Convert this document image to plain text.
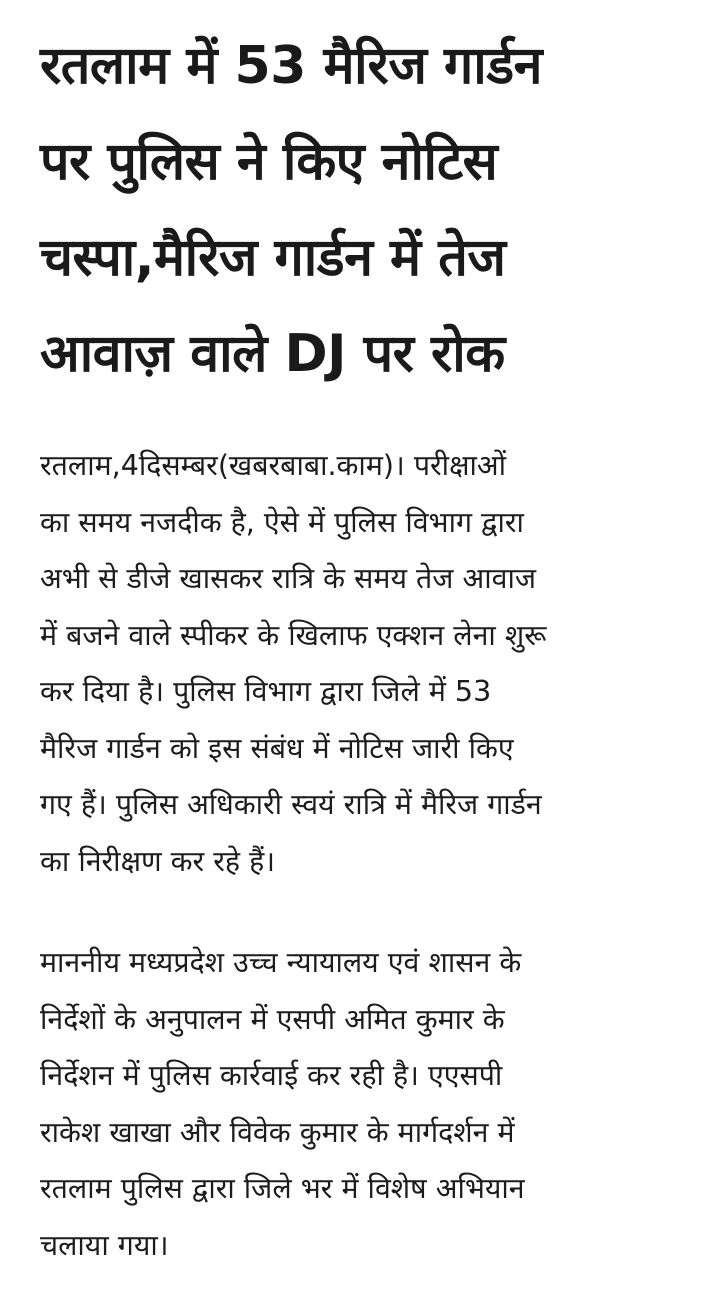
रतलाम में 53 मैरिज गार्डन
पर पुलिस ने किए नोटिस
चस्पा,मैरिज गार्डन में तेज
आवाज़ वाले DJ पर रोक

रतलाम,4दिसम्बर(खबरबाबा.काम)। परीक्षाओं
का समय नजदीक है, ऐसे में पुलिस विभाग द्वारा
अभी से डीजे खासकर रात्रि के समय तेज आवाज
में बजने वाले स्पीकर के खिलाफ एक्शन लेना शुरू
कर दिया है। पुलिस विभाग द्वारा जिले में 53
मैरिज गार्डन को इस संबंध में नोटिस जारी किए
गए हैं। पुलिस अधिकारी स्वयं रात्रि में मैरिज गार्डन
का निरीक्षण कर रहे हैं।

माननीय मध्यप्रदेश उच्च न्यायालय एवं शासन के
निर्देशों के अनुपालन में एसपी अमित कुमार के
निर्देशन में पुलिस कार्रवाई कर रही है। एएसपी
राकेश खाखा और विवेक कुमार के मार्गदर्शन में
रतलाम पुलिस द्वारा जिले भर में विशेष अभियान
चलाया गया।
